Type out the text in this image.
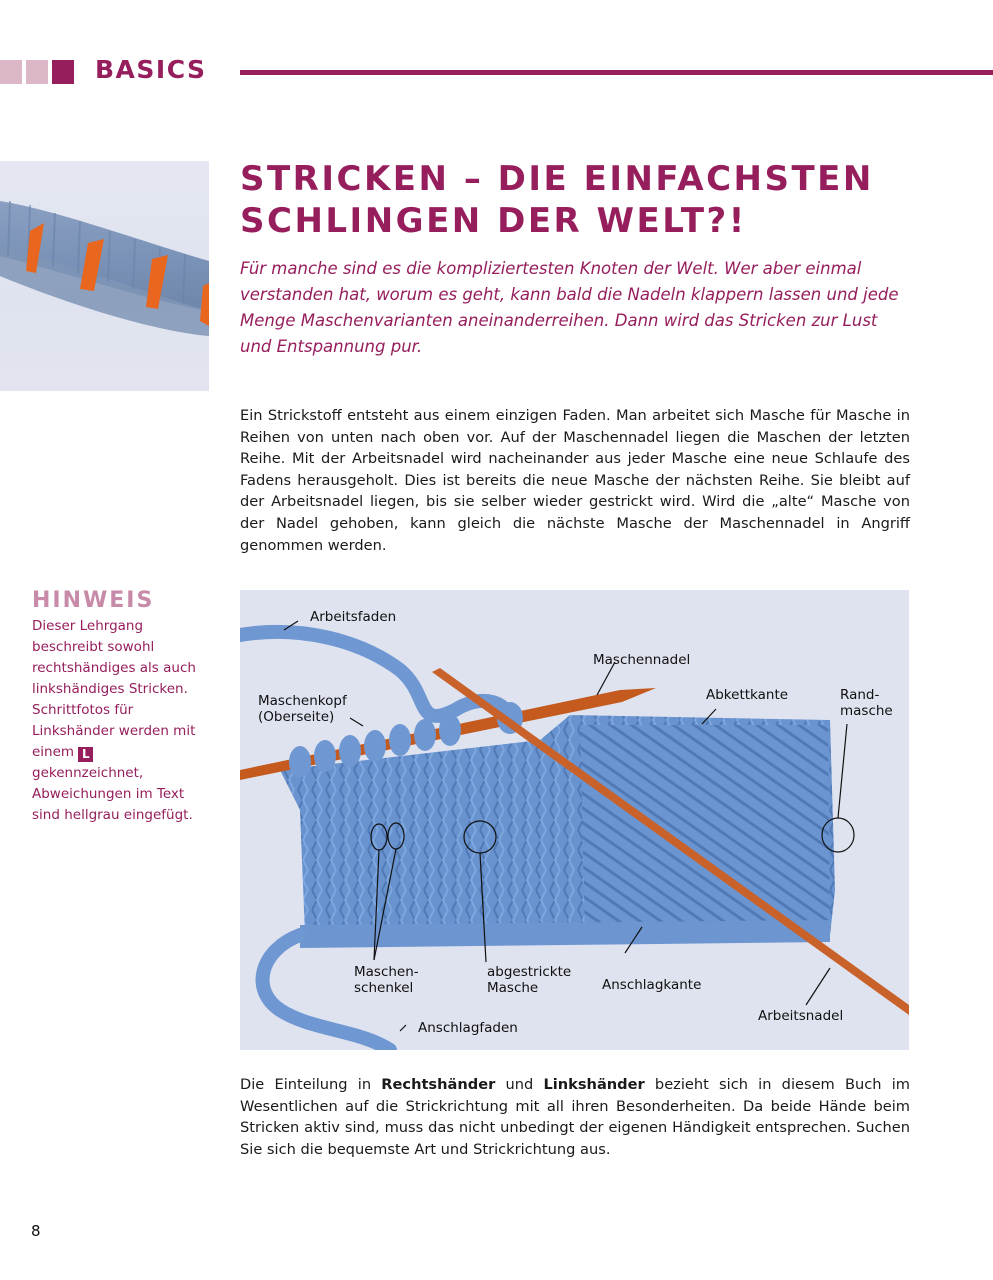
BASICS
STRICKEN – DIE EINFACHSTEN SCHLINGEN DER WELT?!
Für manche sind es die kompliziertesten Knoten der Welt. Wer aber einmal verstanden hat, worum es geht, kann bald die Nadeln klappern lassen und jede Menge Maschenvarianten aneinanderreihen. Dann wird das Stricken zur Lust und Entspannung pur.
Ein Strickstoff entsteht aus einem einzigen Faden. Man arbeitet sich Masche für Masche in Reihen von unten nach oben vor. Auf der Maschennadel liegen die Maschen der letzten Reihe. Mit der Arbeitsnadel wird nacheinander aus jeder Masche eine neue Schlaufe des Fadens herausgeholt. Dies ist bereits die neue Masche der nächsten Reihe. Sie bleibt auf der Arbeitsnadel liegen, bis sie selber wieder gestrickt wird. Wird die „alte“ Masche von der Nadel gehoben, kann gleich die nächste Masche der Maschennadel in Angriff genommen werden.
HINWEIS
Dieser Lehrgang beschreibt sowohl rechtshändiges als auch linkshändiges Stricken. Schrittfotos für Linkshänder werden mit einem L gekennzeichnet, Abweichungen im Text sind hellgrau eingefügt.
Arbeitsfaden
Maschennadel
Maschenkopf
(Oberseite)
Abkettkante	Rand-
masche
Maschen-
schenkel
abgestrickte
Masche	Anschlagkante
Arbeitsnadel
Anschlagfaden
Die Einteilung in Rechtshänder und Linkshänder bezieht sich in diesem Buch im Wesentlichen auf die Strickrichtung mit all ihren Besonderheiten. Da beide Hände beim Stricken aktiv sind, muss das nicht unbedingt der eigenen Händigkeit entsprechen. Suchen Sie sich die bequemste Art und Strickrichtung aus.
8
